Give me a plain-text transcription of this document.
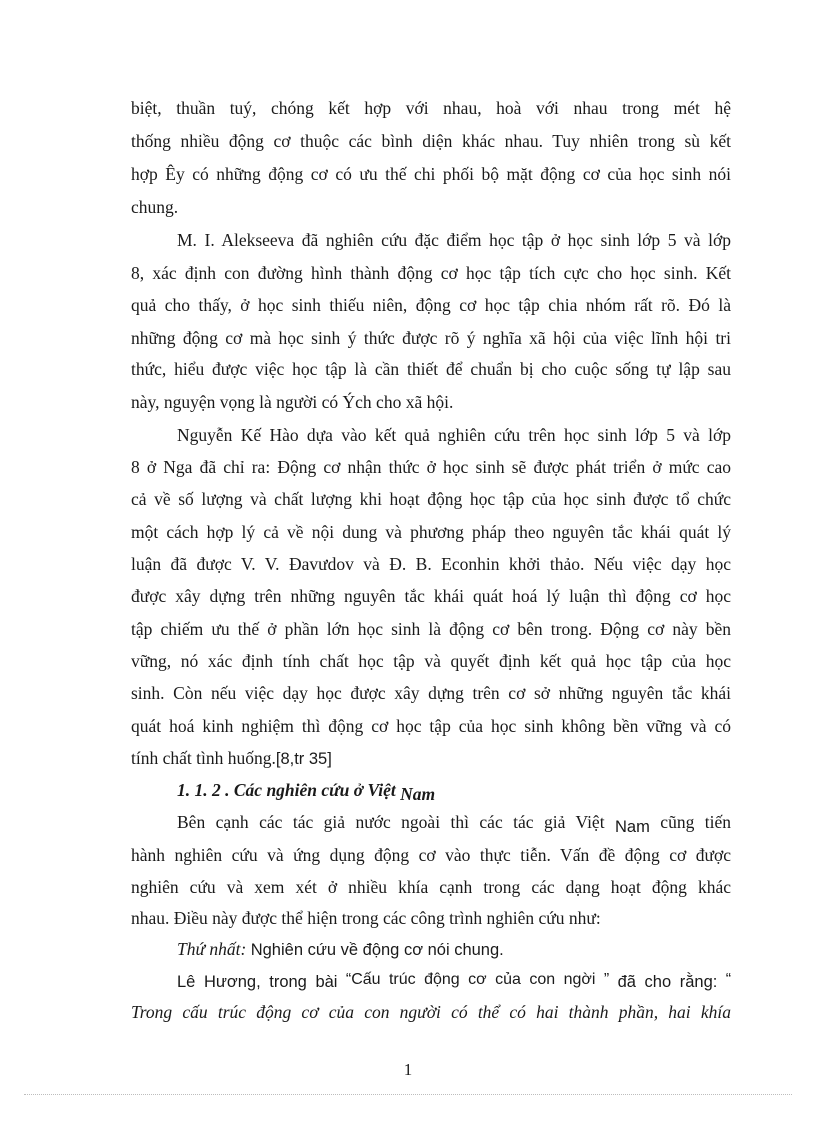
biệt, thuần tuý, chóng kết hợp với nhau, hoà với nhau trong mét hệ
thống nhiều động cơ thuộc các bình diện khác nhau. Tuy nhiên trong sù kết
hợp Êy có những động cơ có ưu thế chi phối bộ mặt động cơ của học sinh nói
chung.
M. I. Alekseeva đã nghiên cứu đặc điểm học tập ở học sinh lớp 5 và lớp
8, xác định con đường hình thành động cơ học tập tích cực cho học sinh. Kết
quả cho thấy, ở học sinh thiếu niên, động cơ học tập chia nhóm rất rõ. Đó là
những động cơ mà học sinh ý thức được rõ ý nghĩa xã hội của việc lĩnh hội tri
thức, hiểu được việc học tập là cần thiết để chuẩn bị cho cuộc sống tự lập sau
này, nguyện vọng là người có Ých cho xã hội.
Nguyễn Kế Hào dựa vào kết quả nghiên cứu trên học sinh lớp 5 và lớp
8 ở Nga đã chỉ ra: Động cơ nhận thức ở học sinh sẽ được phát triển ở mức cao
cả về số lượng và chất lượng khi hoạt động học tập của học sinh được tổ chức
một cách hợp lý cả về nội dung và phương pháp theo nguyên tắc khái quát lý
luận đã được V. V. Đavưdov và Đ. B. Econhin khởi thảo. Nếu việc dạy học
được xây dựng trên những nguyên tắc khái quát hoá lý luận thì động cơ học
tập chiếm ưu thế ở phần lớn học sinh là động cơ bên trong. Động cơ này bền
vững, nó xác định tính chất học tập và quyết định kết quả học tập của học
sinh. Còn nếu việc dạy học được xây dựng trên cơ sở những nguyên tắc khái
quát hoá kinh nghiệm thì động cơ học tập của học sinh không bền vững và có
tính chất tình huống.[8,tr 35]
1. 1. 2 . Các nghiên cứu ở Việt Nam
Bên cạnh các tác giả nước ngoài thì các tác giả Việt Nam cũng tiến
hành nghiên cứu và ứng dụng động cơ vào thực tiễn. Vấn đề động cơ được
nghiên cứu và xem xét ở nhiều khía cạnh trong các dạng hoạt động khác
nhau. Điều này được thể hiện trong các công trình nghiên cứu như:
Thứ nhất: Nghiên cứu về động cơ nói chung.
Lê Hương, trong bài “Cấu trúc động cơ của con ngời ” đã cho rằng: “
Trong cấu trúc động cơ của con người có thể có hai thành phần, hai khía
1
